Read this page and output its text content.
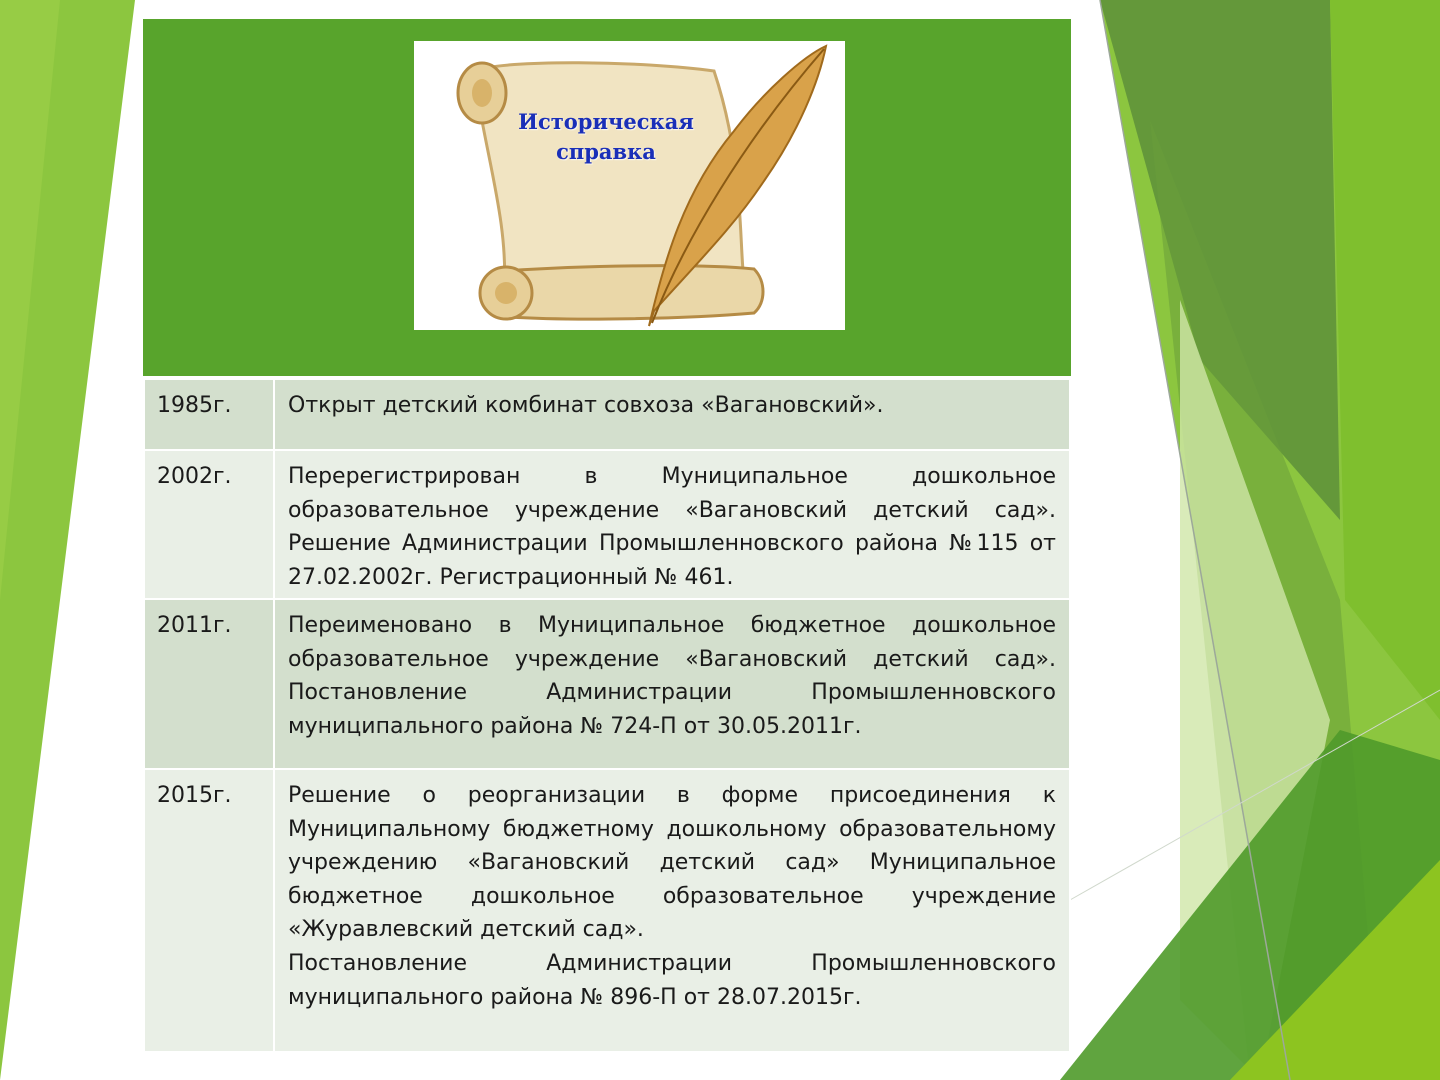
Историческая
справка
1985г.	Открыт детский комбинат совхоза «Вагановский».

2002г.	Перерегистрирован в Муниципальное дошкольное образовательное учреждение «Вагановский детский сад». Решение Администрации Промышленновского района №115 от 27.02.2002г. Регистрационный № 461.

2011г.	Переименовано в Муниципальное бюджетное дошкольное образовательное учреждение «Вагановский детский сад». Постановление Администрации Промышленновского муниципального района № 724-П от 30.05.2011г.

2015г.	Решение о реорганизации в форме присоединения к Муниципальному бюджетному дошкольному образовательному учреждению «Вагановский детский сад» Муниципальное бюджетное дошкольное образовательное учреждение «Журавлевский детский сад».
Постановление Администрации Промышленновского муниципального района № 896-П от 28.07.2015г.
